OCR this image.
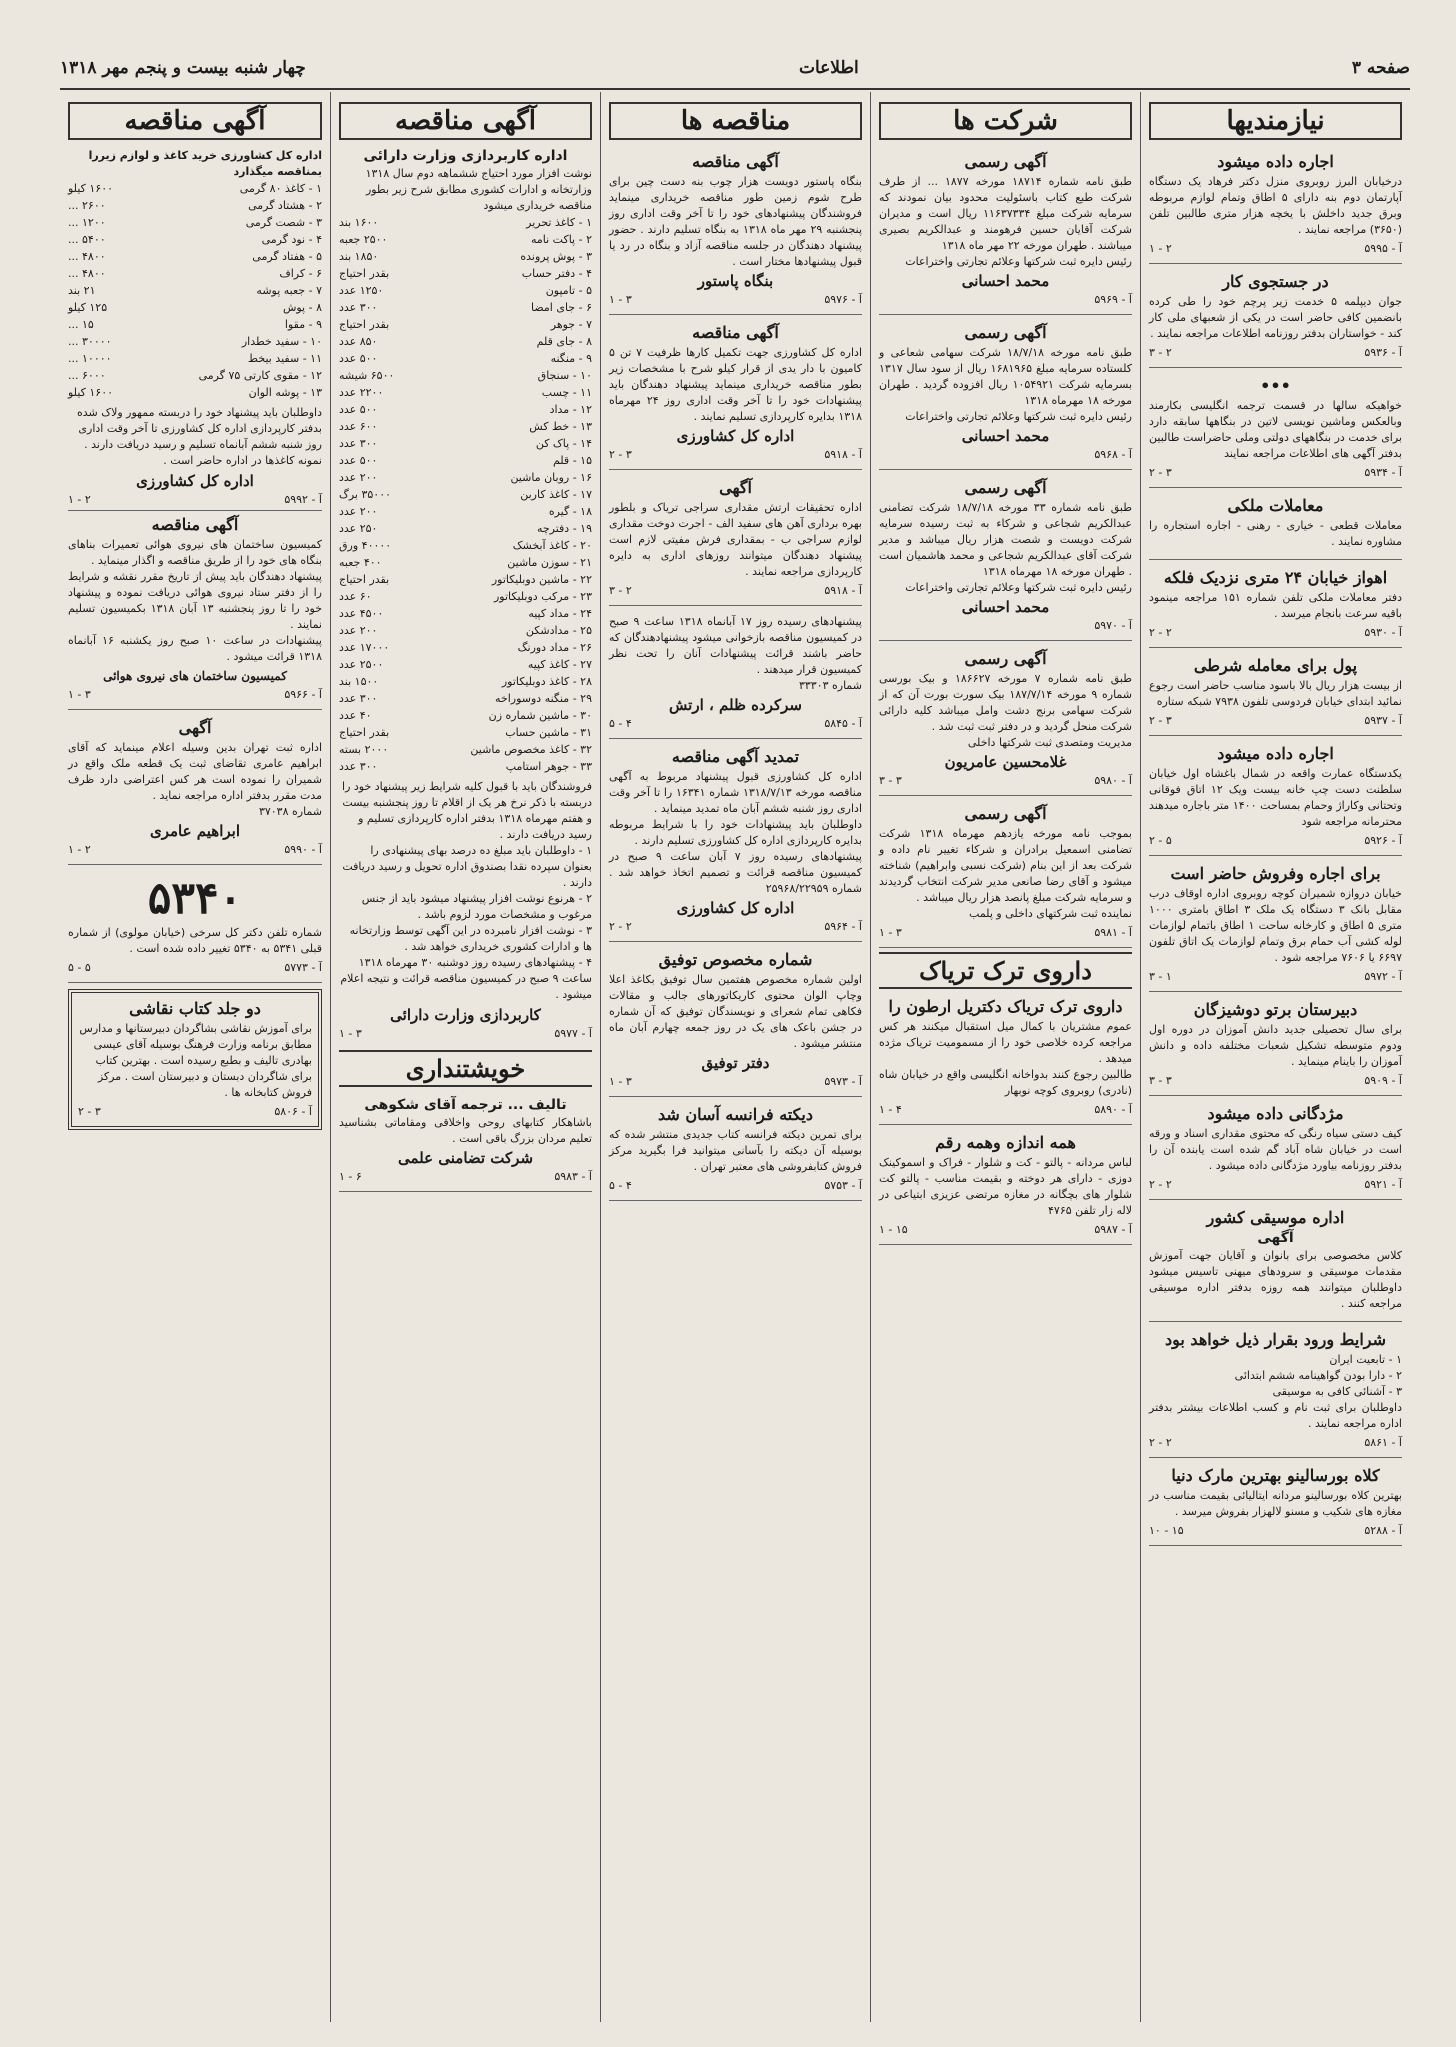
صفحه ۳
اطلاعات
چهار شنبه بیست و پنجم مهر ۱۳۱۸
نیازمندیها
اجاره داده میشود
درخیابان البرز روبروی منزل دکتر فرهاد یک دستگاه آپارتمان دوم بنه دارای ۵ اطاق وتمام لوازم مربوطه وبرق جدید داخلش با یخچه هزار متری طالبین تلفن (۳۶۵۰) مراجعه نمایند .
آ - ۵۹۹۵
۲ - ۱
در جستجوی کار
جوان دیپلمه ۵ خدمت زیر پرچم خود را طی کرده بانضمین کافی حاضر است در یکی از شعبهای ملی کار کند - خواستاران بدفتر روزنامه اطلاعات مراجعه نمایند .
آ - ۵۹۳۶
۲ - ۳
•••
خواهیکه سالها در قسمت ترجمه انگلیسی بکارمند وبالعکس وماشین نویسی لاتین در بنگاهها سابقه دارد برای خدمت در بنگاههای دولتی وملی حاضراست طالبین بدفتر آگهی های اطلاعات مراجعه نمایند
آ - ۵۹۳۴
۳ - ۲
معاملات ملکی
معاملات قطعی - خیاری - رهنی - اجاره استجاره را مشاوره نمایند .
اهواز خیابان ۲۴ متری نزدیک فلکه
دفتر معاملات ملکی تلفن شماره ۱۵۱ مراجعه مینمود باقیه سرعت بانجام میرسد .
آ - ۵۹۳۰
۲ - ۲
پول برای معامله شرطی
از بیست هزار ریال بالا باسود مناسب حاضر است رجوع نمائید ابتدای خیابان فردوسی تلفون ۷۹۳۸ شبکه ستاره
آ - ۵۹۳۷
۳ - ۲
اجاره داده میشود
یکدستگاه عمارت واقعه در شمال باغشاه اول خیابان سلطنت دست چپ خانه بیست ویک ۱۲ اتاق فوقانی وتحتانی وکاراژ وحمام بمساحت ۱۴۰۰ متر باجاره میدهند محترمانه مراجعه شود
آ - ۵۹۲۶
۵ - ۲
برای اجاره وفروش حاضر است
خیابان دروازه شمیران کوچه روبروی اداره اوقاف درب مقابل بانک ۳ دستگاه یک ملک ۳ اطاق بامتری ۱۰۰۰ متری ۵ اطاق و کارخانه ساحت ۱ اطاق باتمام لوازمات لوله کشی آب حمام برق وتمام لوازمات یک اتاق تلفون ۶۶۹۷ یا ۷۶۰۶ مراجعه شود .
آ - ۵۹۷۲
۱ - ۳
دبیرستان برتو دوشیزگان
برای سال تحصیلی جدید دانش آموزان در دوره اول ودوم متوسطه تشکیل شعبات مختلفه داده و دانش آموزان را باینام مینماید .
آ - ۵۹۰۹
۳ - ۳
مژدگانی داده میشود
کیف دستی سیاه رنگی که محتوی مقداری اسناد و ورقه است در خیابان شاه آباد گم شده است یابنده آن را بدفتر روزنامه بیاورد مژدگانی داده میشود .
آ - ۵۹۲۱
۲ - ۲
اداره موسیقی کشور
آگهی
کلاس مخصوصی برای بانوان و آقایان جهت آموزش مقدمات موسیقی و سرودهای میهنی تاسیس میشود داوطلبان میتوانند همه روزه بدفتر اداره موسیقی مراجعه کنند .
شرایط ورود بقرار ذیل خواهد بود
۱ - تابعیت ایران
۲ - دارا بودن گواهینامه ششم ابتدائی
۳ - آشنائی کافی به موسیقی
داوطلبان برای ثبت نام و کسب اطلاعات بیشتر بدفتر اداره مراجعه نمایند .
آ - ۵۸۶۱
۲ - ۲
کلاه بورسالینو بهترین مارک دنیا
بهترین کلاه بورسالینو مردانه ایتالیائی بقیمت مناسب در مغازه های شکیب و مسنو لالهزار بفروش میرسد .
آ - ۵۲۸۸
۱۵ - ۱۰
شرکت ها
آگهی رسمی
طبق نامه شماره ۱۸۷۱۴ مورخه ۱۸۷۷ ... از طرف شرکت طبع کتاب باسئولیت محدود بیان نمودند که سرمایه شرکت مبلغ ۱۱۶۳۷۳۳۴ ریال است و مدیران شرکت آقایان حسین فرهومند و عبدالکریم بصیری میباشند . طهران مورخه ۲۲ مهر ماه ۱۳۱۸
رئیس دایره ثبت شرکتها وعلائم تجارتی واختراعات
محمد احسانی
آ - ۵۹۶۹
آگهی رسمی
طبق نامه مورخه ۱۸/۷/۱۸ شرکت سهامی شعاعی و کلستاده سرمایه مبلغ ۱۶۸۱۹۶۵ ریال از سود سال ۱۳۱۷ بسرمایه شرکت ۱۰۵۴۹۲۱ ریال افزوده گردید . طهران مورخه ۱۸ مهرماه ۱۳۱۸
رئیس دایره ثبت شرکتها وعلائم تجارتی واختراعات
محمد احسانی
آ - ۵۹۶۸
آگهی رسمی
طبق نامه شماره ۳۳ مورخه ۱۸/۷/۱۸ شرکت تضامنی عبدالکریم شجاعی و شرکاء به ثبت رسیده سرمایه شرکت دویست و شصت هزار ریال میباشد و مدیر شرکت آقای عبدالکریم شجاعی و محمد هاشمیان است . طهران مورخه ۱۸ مهرماه ۱۳۱۸
رئیس دایره ثبت شرکتها وعلائم تجارتی واختراعات
محمد احسانی
آ - ۵۹۷۰
آگهی رسمی
طبق نامه شماره ۷ مورخه ۱۸۶۶۲۷ و بیک بورسی شماره ۹ مورخه ۱۸۷/۷/۱۴ بیک سورت بورت آن که از شرکت سهامی برنج دشت وامل میباشد کلیه دارائی شرکت منحل گردید و در دفتر ثبت ثبت شد .
مدیریت ومتصدی ثبت شرکتها داخلی
غلامحسین عامریون
آ - ۵۹۸۰
۳ - ۳
آگهی رسمی
بموجب نامه مورخه یازدهم مهرماه ۱۳۱۸ شرکت تضامنی اسمعیل برادران و شرکاء تغییر نام داده و شرکت بعد از این بنام (شرکت نسبی وابراهیم) شناخته میشود و آقای رضا صانعی مدیر شرکت انتخاب گردیدند و سرمایه شرکت مبلغ پانصد هزار ریال میباشد .
نماینده ثبت شرکتهای داخلی و پلمب
آ - ۵۹۸۱
۳ - ۱
داروی ترک تریاک
داروی ترک تریاک دکتریل ارطون را
عموم مشتریان با کمال میل استقبال میکنند هر کس مراجعه کرده خلاصی خود را از مسمومیت تریاک مژده میدهد .
طالبین رجوع کنند بدواخانه انگلیسی واقع در خیابان شاه (نادری) روبروی کوچه نوبهار
آ - ۵۸۹۰
۴ - ۱
همه اندازه وهمه رقم
لباس مردانه - پالتو - کت و شلوار - فراک و اسموکینک دوزی - دارای هر دوخته و بقیمت مناسب - پالتو کت شلوار های بچگانه در مغازه مرتضی عزیزی ابتیاعی در لاله زار تلفن ۴۷۶۵
آ - ۵۹۸۷
۱۵ - ۱
مناقصه ها
آگهی مناقصه
بنگاه پاستور دویست هزار چوب بنه دست چین برای طرح شوم زمین طور مناقصه خریداری مینماید فروشندگان پیشنهادهای خود را تا آخر وقت اداری روز پنجشنبه ۲۹ مهر ماه ۱۳۱۸ به بنگاه تسلیم دارند . حضور پیشنهاد دهندگان در جلسه مناقصه آزاد و بنگاه در رد یا قبول پیشنهادها مختار است .
بنگاه پاستور
آ - ۵۹۷۶
۳ - ۱
آگهی مناقصه
اداره کل کشاورزی جهت تکمیل کارها ظرفیت ۷ تن ۵ کامیون با دار یدی از قرار کیلو شرح با مشخصات زیر بطور مناقصه خریداری مینماید پیشنهاد دهندگان باید پیشنهادات خود را تا آخر وقت اداری روز ۲۴ مهرماه ۱۳۱۸ بدایره کارپردازی تسلیم نمایند .
اداره کل کشاورزی
آ - ۵۹۱۸
۳ - ۲
آگهی
اداره تحقیقات ارتش مقداری سراجی تریاک و بلطور بهره برداری آهن های سفید الف - اجرت دوخت مقداری لوازم سراجی ب - بمقداری فرش مفیتی لازم است پیشنهاد دهندگان میتوانند روزهای اداری به دایره کارپردازی مراجعه نمایند .
آ - ۵۹۱۸
۲ - ۳
پیشنهادهای رسیده روز ۱۷ آبانماه ۱۳۱۸ ساعت ۹ صبح در کمیسیون مناقصه بازخوانی میشود پیشنهادهندگان که حاضر باشند قرائت پیشنهادات آنان را تحت نظر کمیسیون قرار میدهند .
شماره ۳۳۳۰۳
سرکرده ظلم ، ارتش
آ - ۵۸۴۵
۴ - ۵
تمدید آگهی مناقصه
اداره کل کشاورزی قبول پیشنهاد مربوط به آگهی مناقصه مورخه ۱۳۱۸/۷/۱۳ شماره ۱۶۳۴۱ را تا آخر وقت اداری روز شنبه ششم آبان ماه تمدید مینماید .
داوطلبان باید پیشنهادات خود را با شرایط مربوطه بدایره کارپردازی اداره کل کشاورزی تسلیم دارند .
پیشنهادهای رسیده روز ۷ آبان ساعت ۹ صبح در کمیسیون مناقصه قرائت و تصمیم اتخاذ خواهد شد . شماره ۲۵۹۶۸/۲۲۹۵۹
اداره کل کشاورزی
آ - ۵۹۶۴
۲ - ۲
شماره مخصوص توفیق
اولین شماره مخصوص هفتمین سال توفیق بکاغذ اعلا وچاپ الوان محتوی کاریکاتورهای جالب و مقالات فکاهی تمام شعرای و نویسندگان توفیق که آن شماره در جشن باعک های یک در روز جمعه چهارم آبان ماه منتشر میشود .
دفتر توفیق
آ - ۵۹۷۳
۳ - ۱
دیکته فرانسه آسان شد
برای تمرین دیکته فرانسه کتاب جدیدی منتشر شده که بوسیله آن دیکته را بآسانی میتوانید فرا بگیرید مرکز فروش کتابفروشی های معتبر تهران .
آ - ۵۷۵۳
۴ - ۵
آگهی مناقصه
اداره کاربردازی وزارت دارائی
نوشت افزار مورد احتیاج ششماهه دوم سال ۱۳۱۸ وزارتخانه و ادارات کشوری مطابق شرح زیر بطور مناقصه خریداری میشود
۱ - کاغذ تحریر
۱۶۰۰ بند
۲ - پاکت نامه
۲۵۰۰ جعبه
۳ - پوش پرونده
۱۸۵۰ بند
۴ - دفتر حساب
بقدر احتیاج
۵ - تامپون
۱۲۵۰ عدد
۶ - جای امضا
۳۰۰ عدد
۷ - جوهر
بقدر احتیاج
۸ - جای قلم
۸۵۰ عدد
۹ - منگنه
۵۰۰ عدد
۱۰ - سنجاق
۶۵۰۰ شیشه
۱۱ - چسب
۲۲۰۰ عدد
۱۲ - مداد
۵۰۰ عدد
۱۳ - خط کش
۶۰۰ عدد
۱۴ - پاک کن
۳۰۰ عدد
۱۵ - قلم
۵۰۰ عدد
۱۶ - روبان ماشین
۲۰۰ عدد
۱۷ - کاغذ کاربن
۳۵۰۰۰ برگ
۱۸ - گیره
۲۰۰ عدد
۱۹ - دفترچه
۲۵۰ عدد
۲۰ - کاغذ آبخشک
۴۰۰۰۰ ورق
۲۱ - سوزن ماشین
۴۰۰ جعبه
۲۲ - ماشین دوبلیکاتور
بقدر احتیاج
۲۳ - مرکب دوبلیکاتور
۶۰ عدد
۲۴ - مداد کپیه
۴۵۰۰ عدد
۲۵ - مدادشکن
۲۰۰ عدد
۲۶ - مداد دورنگ
۱۷۰۰۰ عدد
۲۷ - کاغذ کپیه
۲۵۰۰ عدد
۲۸ - کاغذ دوبلیکاتور
۱۵۰۰ بند
۲۹ - منگنه دوسوراخه
۳۰۰ عدد
۳۰ - ماشین شماره زن
۴۰ عدد
۳۱ - ماشین حساب
بقدر احتیاج
۳۲ - کاغذ مخصوص ماشین
۲۰۰۰ بسته
۳۳ - جوهر استامپ
۳۰۰ عدد
فروشندگان باید با قبول کلیه شرایط زیر پیشنهاد خود را دربسته با ذکر نرخ هر یک از اقلام تا روز پنجشنبه بیست و هفتم مهرماه ۱۳۱۸ بدفتر اداره کارپردازی تسلیم و رسید دریافت دارند .
۱ - داوطلبان باید مبلغ ده درصد بهای پیشنهادی را بعنوان سپرده نقدا بصندوق اداره تحویل و رسید دریافت دارند .
۲ - هرنوع نوشت افزار پیشنهاد میشود باید از جنس مرغوب و مشخصات مورد لزوم باشد .
۳ - نوشت افزار نامبرده در این آگهی توسط وزارتخانه ها و ادارات کشوری خریداری خواهد شد .
۴ - پیشنهادهای رسیده روز دوشنبه ۳۰ مهرماه ۱۳۱۸ ساعت ۹ صبح در کمیسیون مناقصه قرائت و نتیجه اعلام میشود .
کاربردازی وزارت دارائی
آ - ۵۹۷۷
۳ - ۱
خویشتنداری
تالیف ... ترجمه آقای شکوهی
باشاهکار کتابهای روحی واخلاقی ومقاماتی بشناسید تعلیم مردان بزرگ باقی است .
شرکت تضامنی علمی
آ - ۵۹۸۳
۶ - ۱
آگهی مناقصه
اداره کل کشاورزی خرید کاغذ و لوازم زیررا بمناقصه میگذارد
۱ - کاغذ ۸۰ گرمی
۱۶۰۰ کیلو
۲ - هشتاد گرمی
۲۶۰۰ ...
۳ - شصت گرمی
۱۲۰۰ ...
۴ - نود گرمی
۵۴۰۰ ...
۵ - هفتاد گرمی
۴۸۰۰ ...
۶ - کراف
۴۸۰۰ ...
۷ - جعبه پوشه
۲۱ بند
۸ - پوش
۱۲۵ کیلو
۹ - مقوا
۱۵ ...
۱۰ - سفید خطدار
۳۰۰۰۰ ...
۱۱ - سفید بیخط
۱۰۰۰۰ ...
۱۲ - مقوی کارتی ۷۵ گرمی
۶۰۰۰ ...
۱۳ - پوشه الوان
۱۶۰۰ کیلو
داوطلبان باید پیشنهاد خود را دربسته ممهور ولاک شده بدفتر کارپردازی اداره کل کشاورزی تا آخر وقت اداری روز شنبه ششم آبانماه تسلیم و رسید دریافت دارند . نمونه کاغذها در اداره حاضر است .
اداره کل کشاورزی
آ - ۵۹۹۲
۲ - ۱
آگهی مناقصه
کمیسیون ساختمان های نیروی هوائی تعمیرات بناهای بنگاه های خود را از طریق مناقصه و اگذار مینماید .
پیشنهاد دهندگان باید پیش از تاریخ مقرر نقشه و شرایط را از دفتر ستاد نیروی هوائی دریافت نموده و پیشنهاد خود را تا روز پنجشنبه ۱۳ آبان ۱۳۱۸ بکمیسیون تسلیم نمایند .
پیشنهادات در ساعت ۱۰ صبح روز یکشنبه ۱۶ آبانماه ۱۳۱۸ قرائت میشود .
کمیسیون ساختمان های نیروی هوائی
آ - ۵۹۶۶
۳ - ۱
آگهی
اداره ثبت تهران بدین وسیله اعلام مینماید که آقای ابراهیم عامری تقاضای ثبت یک قطعه ملک واقع در شمیران را نموده است هر کس اعتراضی دارد ظرف مدت مقرر بدفتر اداره مراجعه نماید .
شماره ۳۷۰۳۸
ابراهیم عامری
آ - ۵۹۹۰
۲ - ۱
۵۳۴۰
شماره تلفن دکتر کل سرخی (خیابان مولوی) از شماره قبلی ۵۳۴۱ به ۵۳۴۰ تغییر داده شده است .
آ - ۵۷۷۳
۵ - ۵
دو جلد کتاب نقاشی
برای آموزش نقاشی بشاگردان دبیرستانها و مدارس مطابق برنامه وزارت فرهنگ بوسیله آقای عیسی بهادری تالیف و بطبع رسیده است . بهترین کتاب برای شاگردان دبستان و دبیرستان است . مرکز فروش کتابخانه ها .
آ - ۵۸۰۶
۳ - ۲
